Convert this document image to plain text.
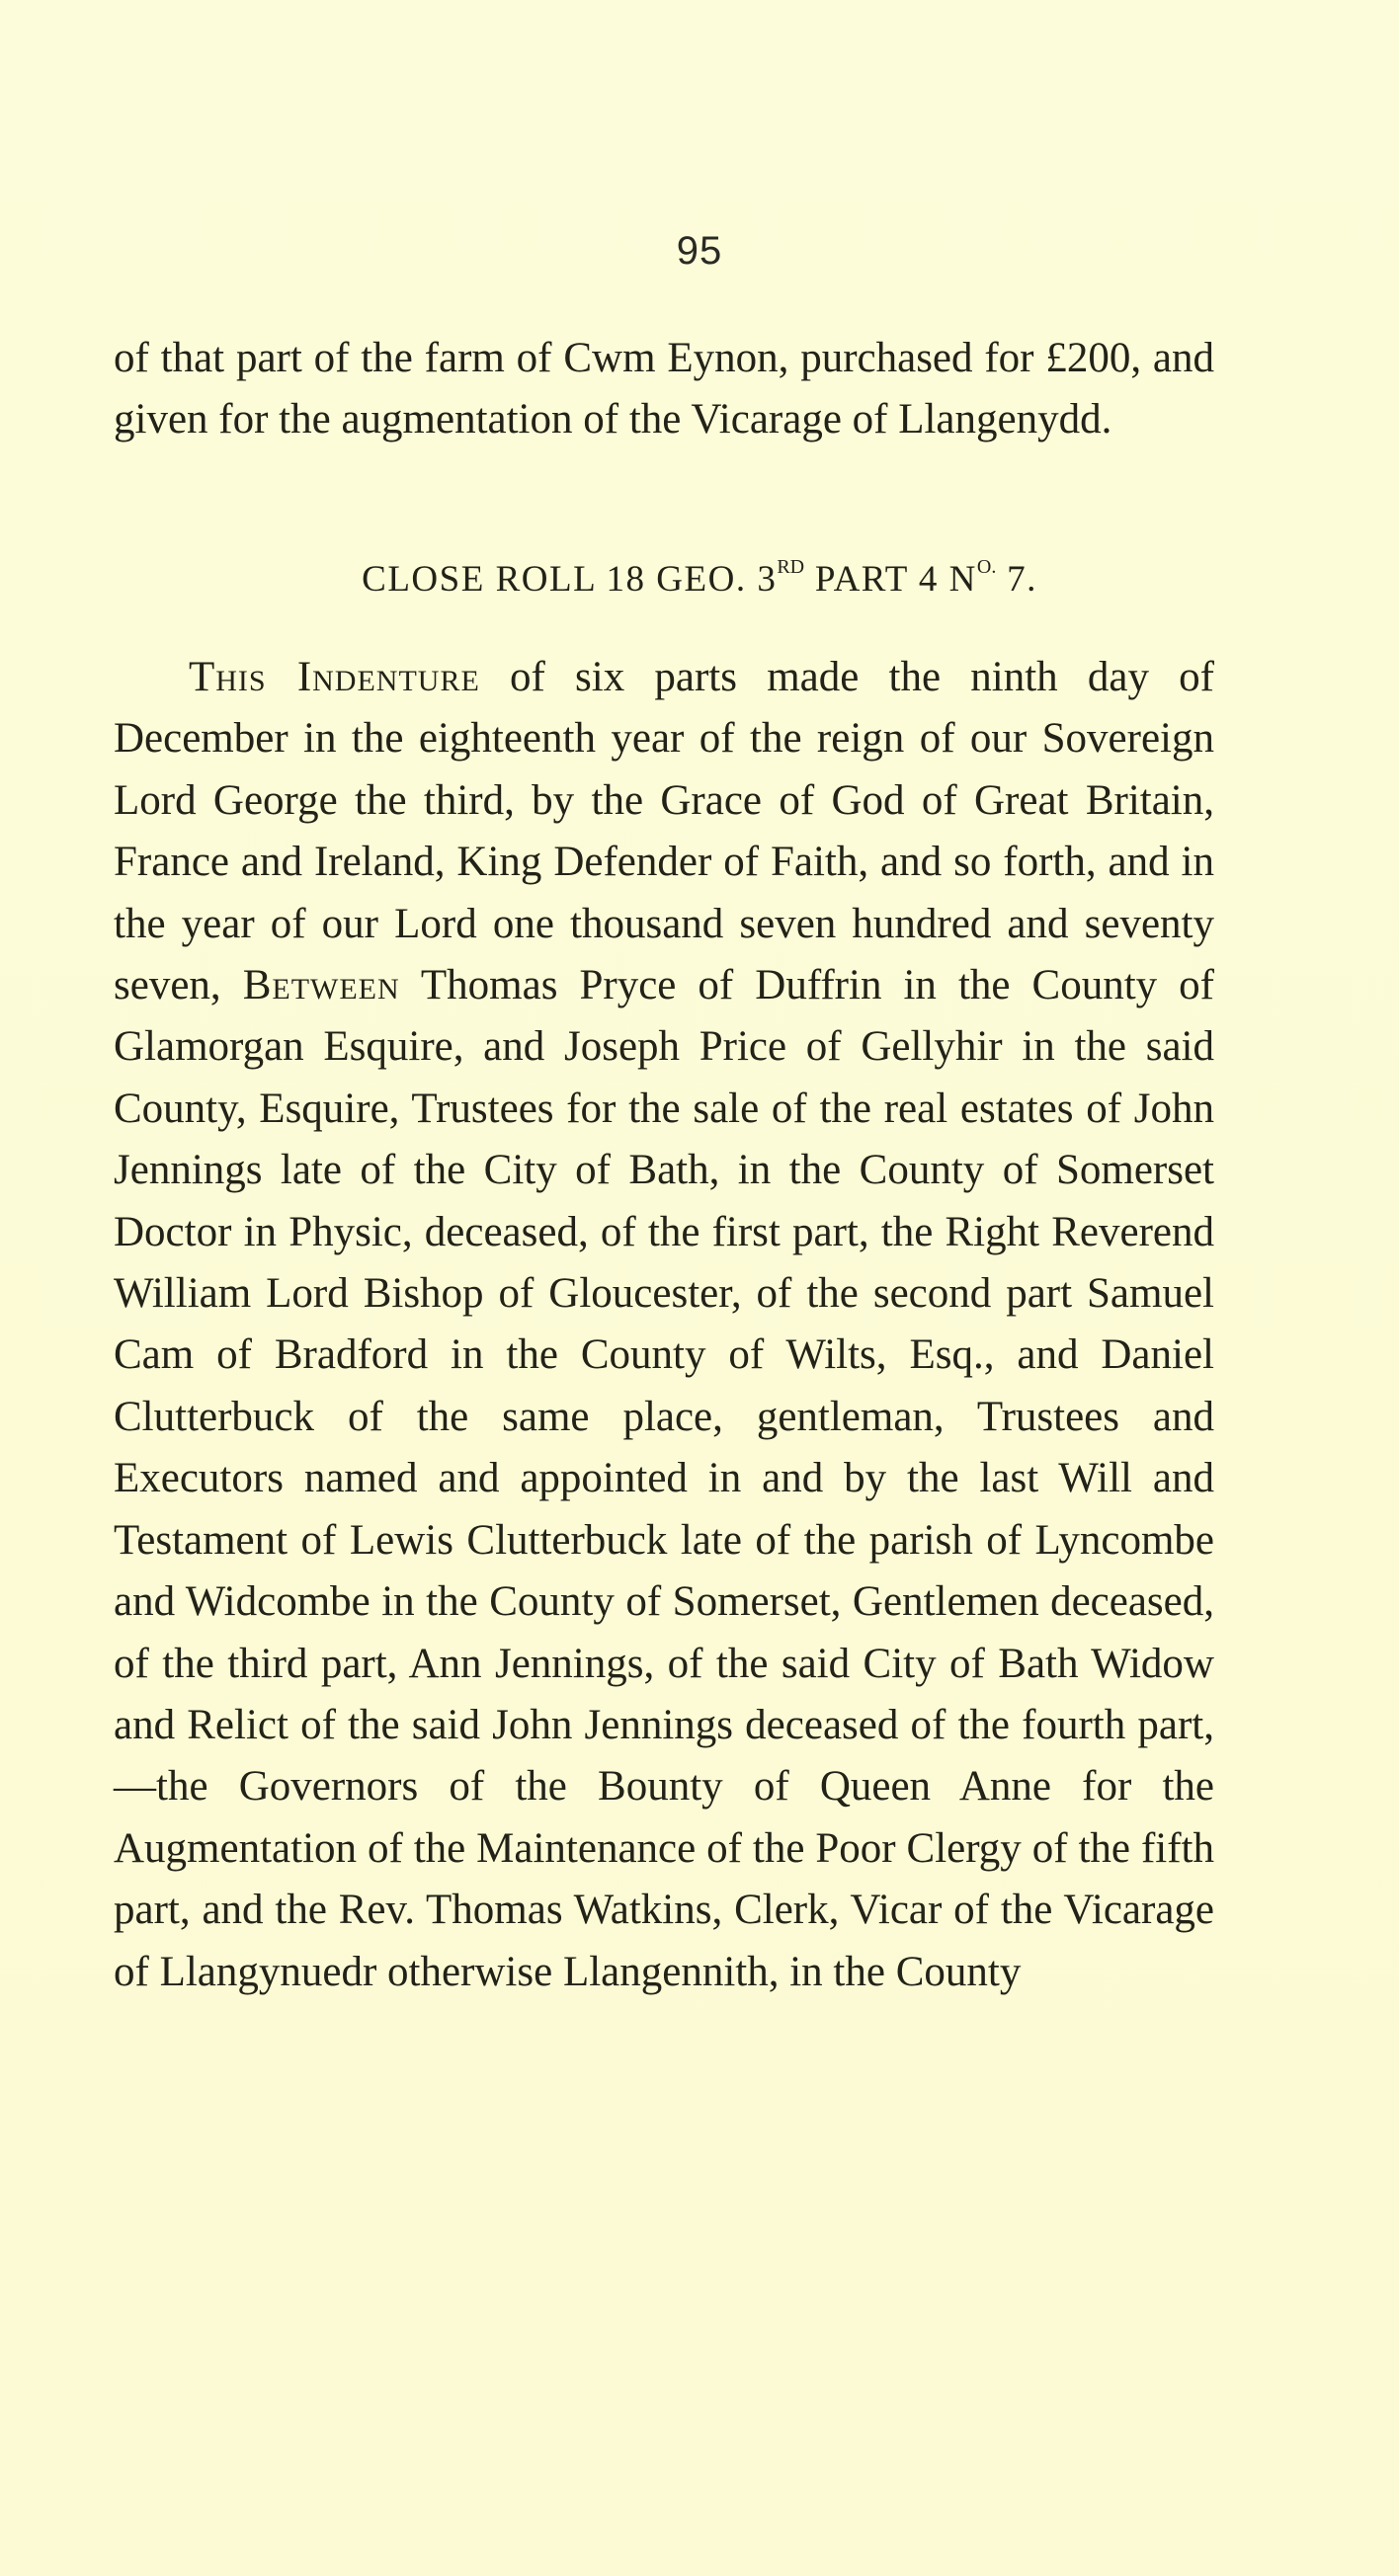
95

of that part of the farm of Cwm Eynon, purchased for £200, and given for the augmentation of the Vicarage of Llangenydd.

CLOSE ROLL 18 GEO. 3RD PART 4 $N^{O.}$ 7.

This Indenture of six parts made the ninth day of December in the eighteenth year of the reign of our Sovereign Lord George the third, by the Grace of God of Great Britain, France and Ireland, King Defender of Faith, and so forth, and in the year of our Lord one thousand seven hundred and seventy seven, Between Thomas Pryce of Duffrin in the County of Glamorgan Esquire, and Joseph Price of Gellyhir in the said County, Esquire, Trustees for the sale of the real estates of John Jennings late of the City of Bath, in the County of Somerset Doctor in Physic, deceased, of the first part, the Right Reverend William Lord Bishop of Gloucester, of the second part Samuel Cam of Bradford in the County of Wilts, Esq., and Daniel Clutterbuck of the same place, gentleman, Trustees and Executors named and appointed in and by the last Will and Testament of Lewis Clutterbuck late of the parish of Lyncombe and Widcombe in the County of Somerset, Gentlemen deceased, of the third part, Ann Jennings, of the said City of Bath Widow and Relict of the said John Jennings deceased of the fourth part,—the Governors of the Bounty of Queen Anne for the Augmentation of the Maintenance of the Poor Clergy of the fifth part, and the Rev. Thomas Watkins, Clerk, Vicar of the Vicarage of Llangynuedr otherwise Llangennith, in the County
